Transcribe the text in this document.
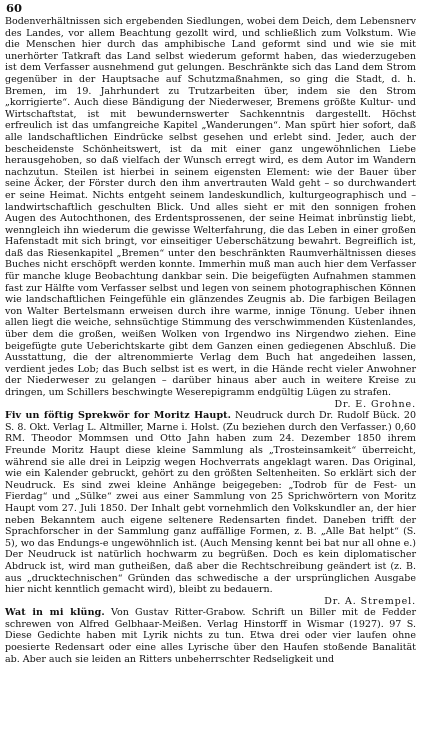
60

Bodenverhältnissen sich ergebenden Siedlungen, wobei dem Deich, dem Lebensnerv des Landes, vor allem Beachtung gezollt wird, und schließlich zum Volkstum. Wie die Menschen hier durch das amphibische Land geformt sind und wie sie mit unerhörter Tatkraft das Land selbst wiederum geformt haben, das wiederzugeben ist dem Verfasser ausnehmend gut gelungen. Beschränkte sich das Land dem Strom gegenüber in der Hauptsache auf Schutzmaßnahmen, so ging die Stadt, d. h. Bremen, im 19. Jahrhundert zu Trutzarbeiten über, indem sie den Strom „korrigierte“. Auch diese Bändigung der Niederweser, Bremens größte Kultur- und Wirtschaftstat, ist mit bewundernswerter Sachkenntnis dargestellt. Höchst erfreulich ist das umfangreiche Kapitel „Wanderungen“. Man spürt hier sofort, daß alle landschaftlichen Eindrücke selbst gesehen und erlebt sind. Jeder, auch der bescheidenste Schönheitswert, ist da mit einer ganz ungewöhnlichen Liebe herausgehoben, so daß vielfach der Wunsch erregt wird, es dem Autor im Wandern nachzutun. Steilen ist hierbei in seinem eigensten Element: wie der Bauer über seine Äcker, der Förster durch den ihm anvertrauten Wald geht – so durchwandert er seine Heimat. Nichts entgeht seinem landeskundlich, kulturgeographisch und – landwirtschaftlich geschulten Blick. Und alles sieht er mit den sonnigen frohen Augen des Autochthonen, des Erdentsprossenen, der seine Heimat inbrünstig liebt, wenngleich ihn wiederum die gewisse Welterfahrung, die das Leben in einer großen Hafenstadt mit sich bringt, vor einseitiger Ueberschätzung bewahrt. Begreiflich ist, daß das Riesenkapitel „Bremen“ unter den beschränkten Raumverhältnissen dieses Buches nicht erschöpft werden konnte. Immerhin muß man auch hier dem Verfasser für manche kluge Beobachtung dankbar sein. Die beigefügten Aufnahmen stammen fast zur Hälfte vom Verfasser selbst und legen von seinem photographischen Können wie landschaftlichen Feingefühle ein glänzendes Zeugnis ab. Die farbigen Beilagen von Walter Bertelsmann erweisen durch ihre warme, innige Tönung. Ueber ihnen allen liegt die weiche, sehnsüchtige Stimmung des verschwimmenden Küstenlandes, über dem die großen, weißen Wolken von Irgendwo ins Nirgendwo ziehen. Eine beigefügte gute Ueberichtskarte gibt dem Ganzen einen gediegenen Abschluß. Die Ausstattung, die der altrenommierte Verlag dem Buch hat angedeihen lassen, verdient jedes Lob; das Buch selbst ist es wert, in die Hände recht vieler Anwohner der Niederweser zu gelangen – darüber hinaus aber auch in weitere Kreise zu dringen, um Schillers beschwingte Weserepigramm endgültig Lügen zu strafen.

Dr. E. Grohne.

Fiv un föftig Sprekwör for Moritz Haupt. Neudruck durch Dr. Rudolf Bück. 20 S. 8. Okt. Verlag L. Altmiller, Marne i. Holst. (Zu beziehen durch den Verfasser.) 0,60 RM. Theodor Mommsen und Otto Jahn haben zum 24. Dezember 1850 ihrem Freunde Moritz Haupt diese kleine Sammlung als „Trosteinsamkeit“ überreicht, während sie alle drei in Leipzig wegen Hochverrats angeklagt waren. Das Original, wie ein Kalender gebruckt, gehört zu den größten Seltenheiten. So erklärt sich der Neudruck. Es sind zwei kleine Anhänge beigegeben: „Todrob für de Fest- un Fierdag“ und „Sülke“ zwei aus einer Sammlung von 25 Sprichwörtern von Moritz Haupt vom 27. Juli 1850. Der Inhalt gebt vornehmlich den Volkskundler an, der hier neben Bekanntem auch eigene seltenere Redensarten findet. Daneben trifft der Sprachforscher in der Sammlung ganz auffällige Formen, z. B. „Alle Bat helpt“ (S. 5), wo das Endungs-e ungewöhnlich ist. (Auch Mensing kennt bei bat nur all ohne e.) Der Neudruck ist natürlich hochwarm zu begrüßen. Doch es kein diplomatischer Abdruck ist, wird man gutheißen, daß aber die Rechtschreibung geändert ist (z. B. aus „drucktechnischen“ Gründen das schwedische a der ursprünglichen Ausgabe hier nicht kenntlich gemacht wird), bleibt zu bedauern.

Dr. A. Strempel.

Wat in mi klüng. Von Gustav Ritter-Grabow. Schrift un Biller mit de Fedder schrewen von Alfred Gelbhaar-Meißen. Verlag Hinstorff in Wismar (1927). 97 S. Diese Gedichte haben mit Lyrik nichts zu tun. Etwa drei oder vier laufen ohne poesierte Redensart oder eine alles Lyrische über den Haufen stoßende Banalität ab. Aber auch sie leiden an Ritters unbeherrschter Redseligkeit und
